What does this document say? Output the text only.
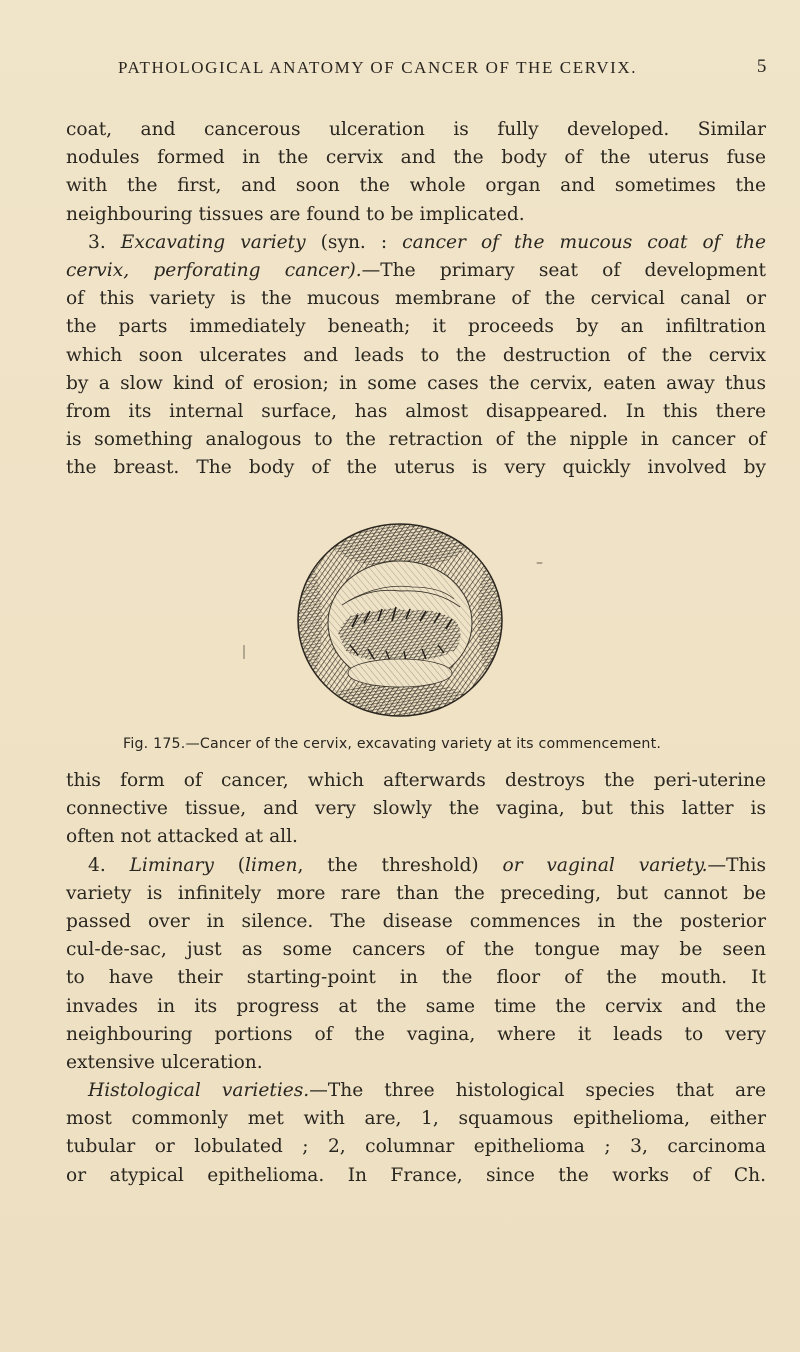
PATHOLOGICAL ANATOMY OF CANCER OF THE CERVIX.	5
coat, and cancerous ulceration is fully developed. Similar
nodules formed in the cervix and the body of the uterus fuse
with the first, and soon the whole organ and sometimes the
neighbouring tissues are found to be implicated.
3. Excavating variety (syn. : cancer of the mucous coat of the
cervix, perforating cancer).—The primary seat of development
of this variety is the mucous membrane of the cervical canal or
the parts immediately beneath; it proceeds by an infiltration
which soon ulcerates and leads to the destruction of the cervix
by a slow kind of erosion; in some cases the cervix, eaten away thus
from its internal surface, has almost disappeared. In this there
is something analogous to the retraction of the nipple in cancer of
the breast. The body of the uterus is very quickly involved by
–
Fig. 175.—Cancer of the cervix, excavating variety at its commencement.
this form of cancer, which afterwards destroys the peri-uterine
connective tissue, and very slowly the vagina, but this latter is
often not attacked at all.
4. Liminary (limen, the threshold) or vaginal variety.—This
variety is infinitely more rare than the preceding, but cannot be
passed over in silence. The disease commences in the posterior
cul-de-sac, just as some cancers of the tongue may be seen
to have their starting-point in the floor of the mouth. It
invades in its progress at the same time the cervix and the
neighbouring portions of the vagina, where it leads to very
extensive ulceration.
Histological varieties.—The three histological species that are
most commonly met with are, 1, squamous epithelioma, either
tubular or lobulated ; 2, columnar epithelioma ; 3, carcinoma
or atypical epithelioma. In France, since the works of Ch.
